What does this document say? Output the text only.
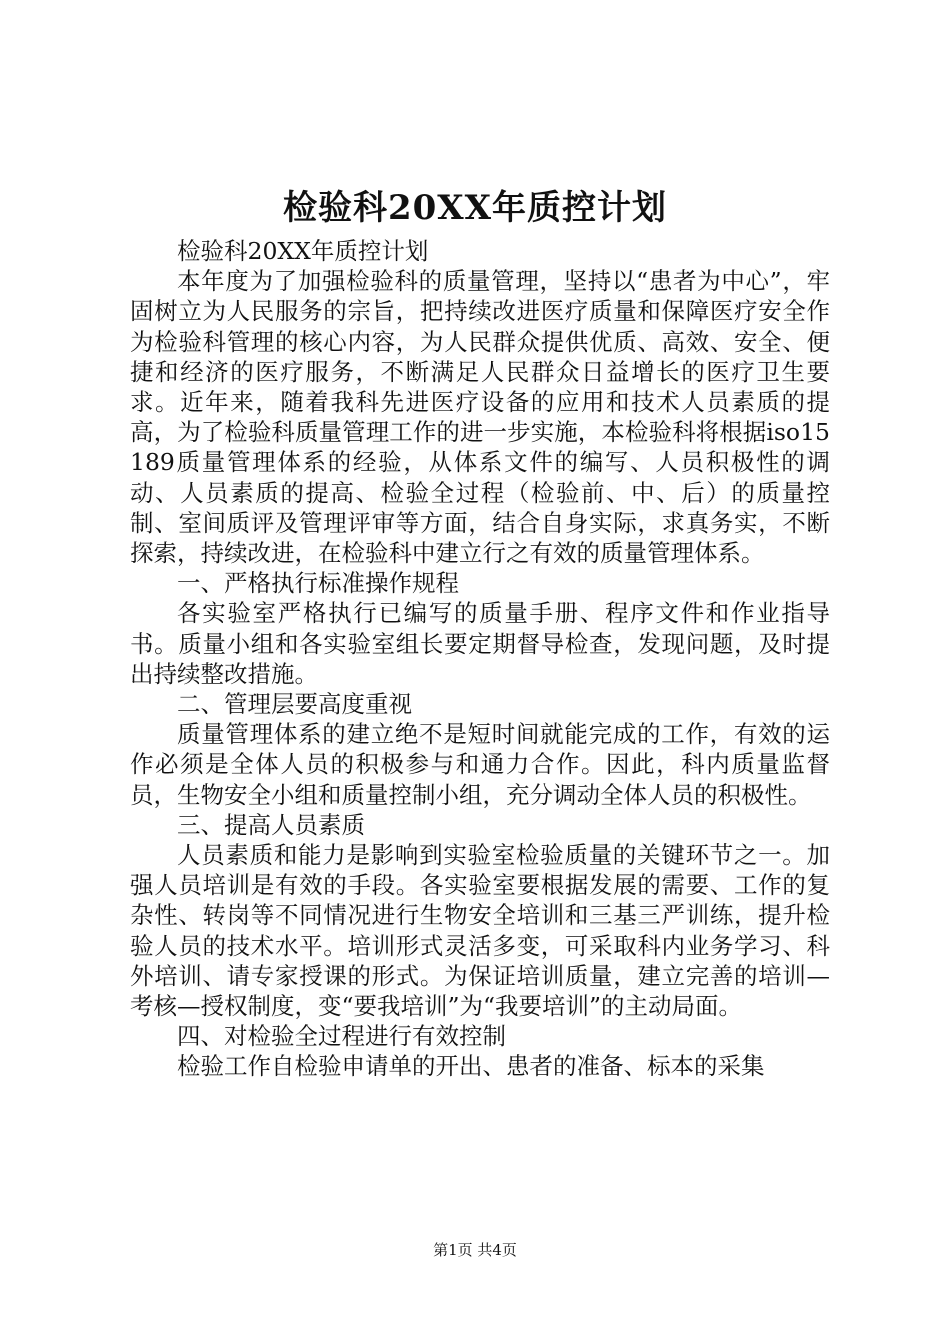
检验科20XX年质控计划

检验科20XX年质控计划

本年度为了加强检验科的质量管理，坚持以“患者为中心”，牢固树立为人民服务的宗旨，把持续改进医疗质量和保障医疗安全作为检验科管理的核心内容，为人民群众提供优质、高效、安全、便捷和经济的医疗服务，不断满足人民群众日益增长的医疗卫生要求。近年来，随着我科先进医疗设备的应用和技术人员素质的提高，为了检验科质量管理工作的进一步实施，本检验科将根据iso15189质量管理体系的经验，从体系文件的编写、人员积极性的调动、人员素质的提高、检验全过程（检验前、中、后）的质量控制、室间质评及管理评审等方面，结合自身实际，求真务实，不断探索，持续改进，在检验科中建立行之有效的质量管理体系。

一、严格执行标准操作规程

各实验室严格执行已编写的质量手册、程序文件和作业指导书。质量小组和各实验室组长要定期督导检查，发现问题，及时提出持续整改措施。

二、管理层要高度重视

质量管理体系的建立绝不是短时间就能完成的工作，有效的运作必须是全体人员的积极参与和通力合作。因此，科内质量监督员，生物安全小组和质量控制小组，充分调动全体人员的积极性。

三、提高人员素质

人员素质和能力是影响到实验室检验质量的关键环节之一。加强人员培训是有效的手段。各实验室要根据发展的需要、工作的复杂性、转岗等不同情况进行生物安全培训和三基三严训练，提升检验人员的技术水平。培训形式灵活多变，可采取科内业务学习、科外培训、请专家授课的形式。为保证培训质量，建立完善的培训—考核—授权制度，变“要我培训”为“我要培训”的主动局面。

四、对检验全过程进行有效控制

检验工作自检验申请单的开出、患者的准备、标本的采集

第1页 共4页
